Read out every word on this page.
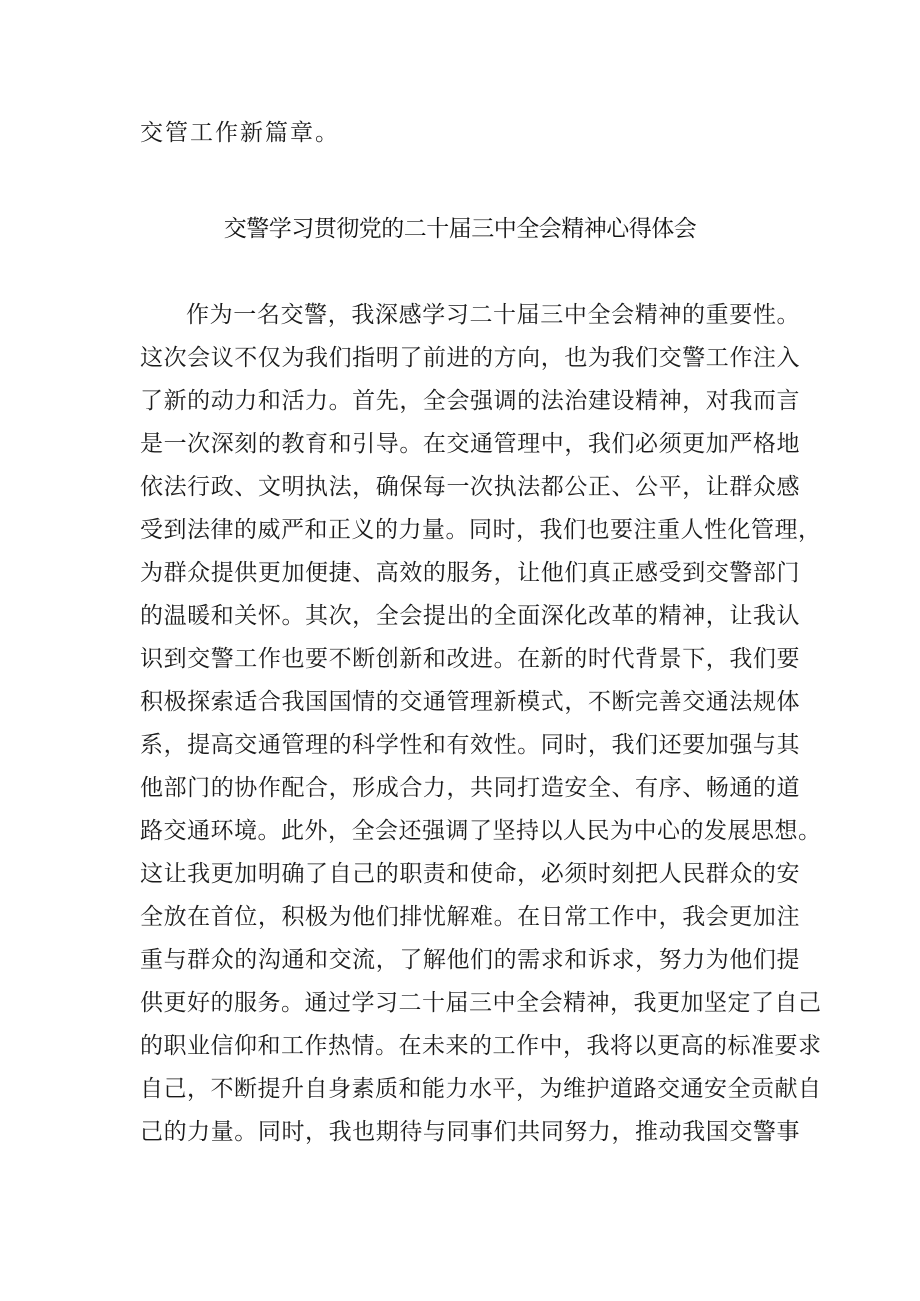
交管工作新篇章。
交警学习贯彻党的二十届三中全会精神心得体会
作为一名交警，我深感学习二十届三中全会精神的重要性。
这次会议不仅为我们指明了前进的方向，也为我们交警工作注入
了新的动力和活力。首先，全会强调的法治建设精神，对我而言
是一次深刻的教育和引导。在交通管理中，我们必须更加严格地
依法行政、文明执法，确保每一次执法都公正、公平，让群众感
受到法律的威严和正义的力量。同时，我们也要注重人性化管理，
为群众提供更加便捷、高效的服务，让他们真正感受到交警部门
的温暖和关怀。其次，全会提出的全面深化改革的精神，让我认
识到交警工作也要不断创新和改进。在新的时代背景下，我们要
积极探索适合我国国情的交通管理新模式，不断完善交通法规体
系，提高交通管理的科学性和有效性。同时，我们还要加强与其
他部门的协作配合，形成合力，共同打造安全、有序、畅通的道
路交通环境。此外，全会还强调了坚持以人民为中心的发展思想。
这让我更加明确了自己的职责和使命，必须时刻把人民群众的安
全放在首位，积极为他们排忧解难。在日常工作中，我会更加注
重与群众的沟通和交流，了解他们的需求和诉求，努力为他们提
供更好的服务。通过学习二十届三中全会精神，我更加坚定了自己
的职业信仰和工作热情。在未来的工作中，我将以更高的标准要求
自己，不断提升自身素质和能力水平，为维护道路交通安全贡献自
己的力量。同时，我也期待与同事们共同努力，推动我国交警事
